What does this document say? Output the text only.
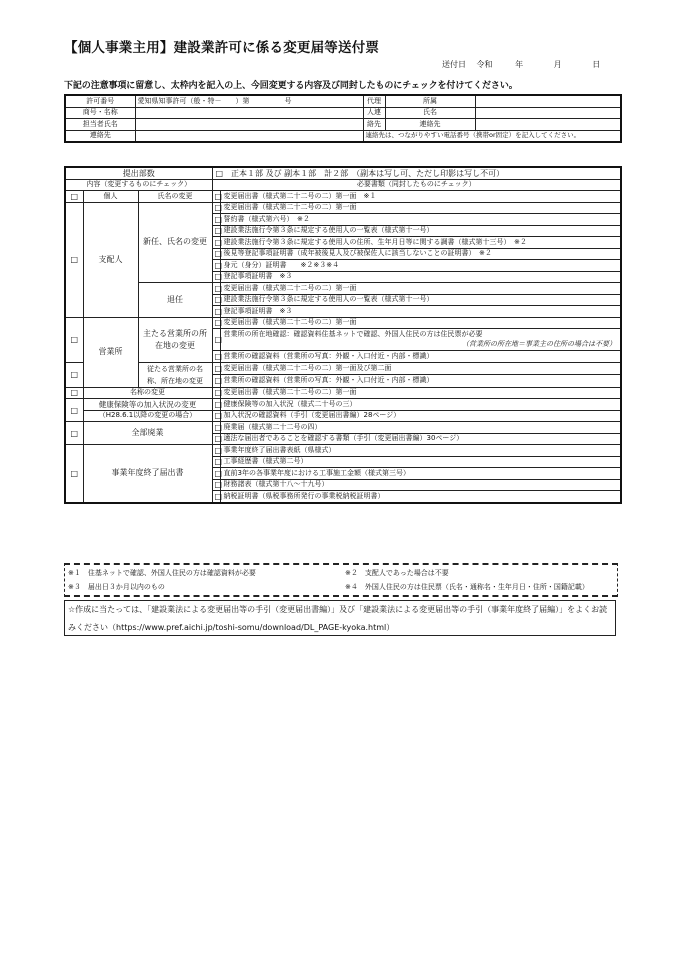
【個人事業主用】建設業許可に係る変更届等送付票
送付日 令和	年	月	日
下記の注意事項に留意し、太枠内を記入の上、今回変更する内容及び同封したものにチェックを付けてください。
許可番号	愛知県知事許可（般・特－　　）第　　　　　号	代理	所属	
商号・名称		人連	氏名	
担当者氏名		絡先	連絡先	
連絡先		連絡先は、つながりやすい電話番号（携帯or固定）を記入してください。		
提出部数			□　正本１部 及び 副本１部　計２部　（副本は写し可、ただし印影は写し不可）	
内容（変更するものにチェック）			必要書類（同封したものにチェック）	
□	個人	氏名の変更	□	変更届出書（様式第二十二号の二）第一面　※１
□	支配人	新任、氏名の変更	□	変更届出書（様式第二十二号の二）第一面
			□	誓約書（様式第六号）　※２
			□	建設業法施行令第３条に規定する使用人の一覧表（様式第十一号）
			□	建設業法施行令第３条に規定する使用人の住所、生年月日等に関する調書（様式第十三号）　※２
			□	後見等登記事項証明書（成年被後見人及び被保佐人に該当しないことの証明書）　※２
			□	身元（身分）証明書　　※２※３※４
			□	登記事項証明書　※３
		退任	□	変更届出書（様式第二十二号の二）第一面
			□	建設業法施行令第３条に規定する使用人の一覧表（様式第十一号）
			□	登記事項証明書　※３
□	営業所	主たる営業所の所在地の変更	□	変更届出書（様式第二十二号の二）第一面
			□	営業所の所在地確認：確認資料住基ネットで確認、外国人住民の方は住民票が必要
				（営業所の所在地＝事業主の住所の場合は不要）
			□	営業所の確認資料（営業所の写真：外観・入口付近・内部・標識）
□		従たる営業所の名称、所在地の変更	□	変更届出書（様式第二十二号の二）第一面及び第二面
			□	営業所の確認資料（営業所の写真：外観・入口付近・内部・標識）
□	名称の変更		□	変更届出書（様式第二十二号の二）第一面
□	健康保険等の加入状況の変更		□	健康保険等の加入状況（様式二十号の三）
	（H28.6.1以降の変更の場合）		□	加入状況の確認資料（手引（変更届出書編）28ページ）
□	全部廃業		□	廃業届（様式第二十二号の四）
			□	適法な届出者であることを確認する書類（手引（変更届出書編）30ページ）
□	事業年度終了届出書		□	事業年度終了届出書表紙（県様式）
			□	工事経歴書（様式第二号）
			□	直前3年の各事業年度における工事施工金額（様式第三号）
			□	財務諸表（様式第十八～十九号）
			□	納税証明書（県税事務所発行の事業税納税証明書）
※１　住基ネットで確認、外国人住民の方は確認資料が必要	※２　支配人であった場合は不要
※３　届出日３か月以内のもの	※４　外国人住民の方は住民票（氏名・通称名・生年月日・住所・国籍記載）
☆作成に当たっては、「建設業法による変更届出等の手引（変更届出書編）」及び「建設業法による変更届出等の手引（事業年度終了届編）」をよくお読みください（https://www.pref.aichi.jp/toshi-somu/download/DL_PAGE-kyoka.html）
